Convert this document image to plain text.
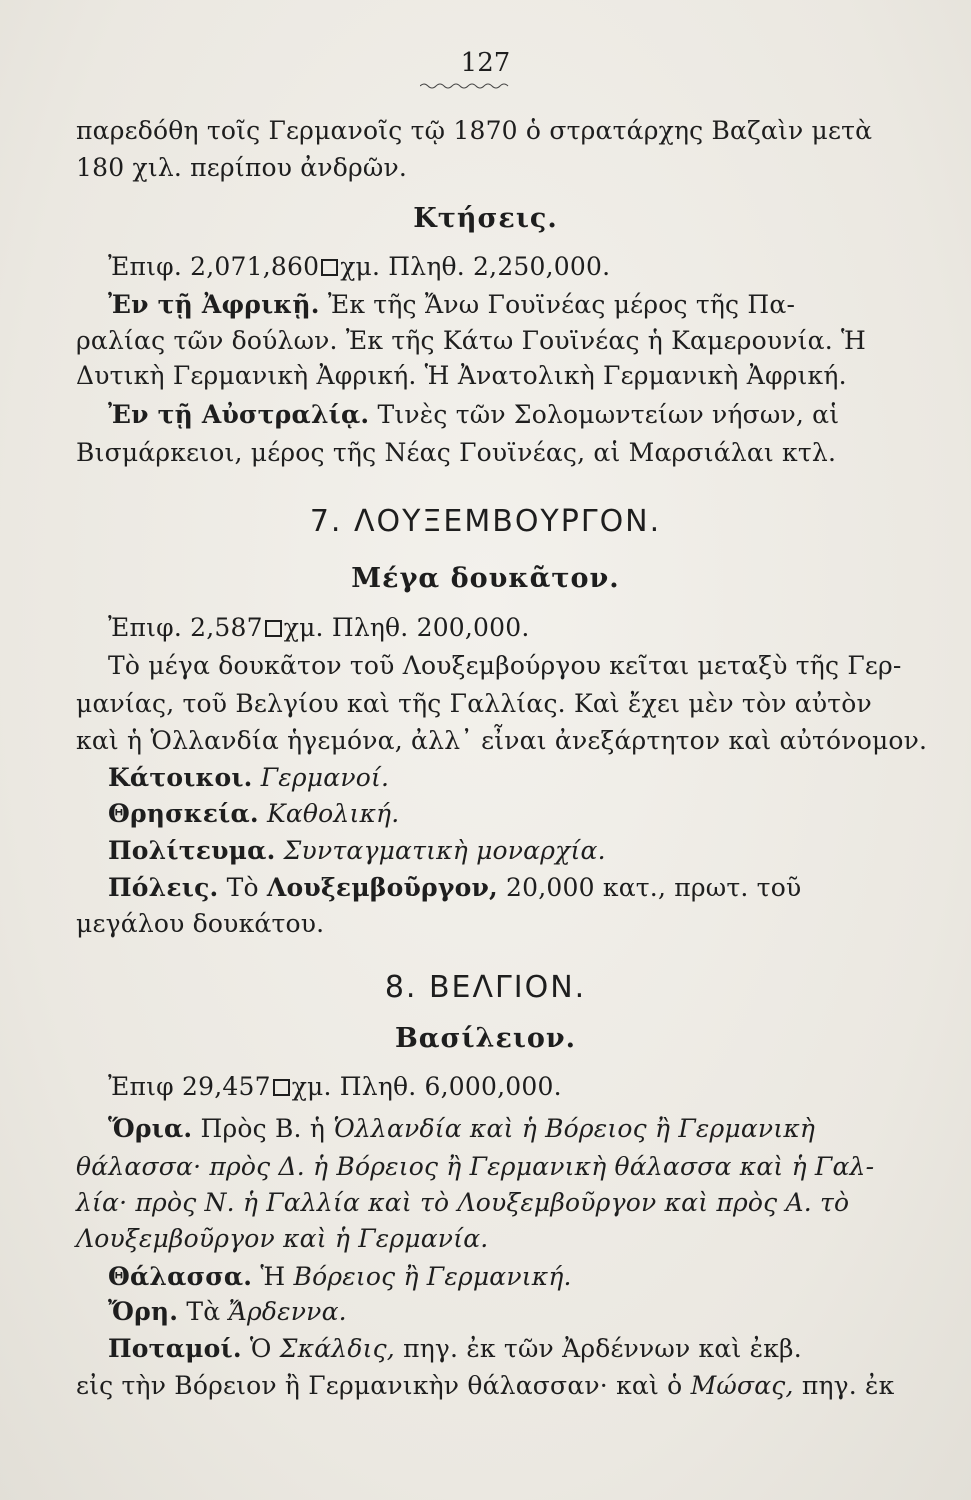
127
παρεδόθη τοῖς Γερμανοῖς τῷ 1870 ὁ στρατάρχης Βαζαὶν μετὰ
180 χιλ. περίπου ἀνδρῶν.
Κτήσεις.
Ἐπιφ. 2,071,860 χμ. Πληθ. 2,250,000.
Ἐν τῇ Ἀφρικῇ. Ἐκ τῆς Ἄνω Γουϊνέας μέρος τῆς Πα-
ραλίας τῶν δούλων. Ἐκ τῆς Κάτω Γουϊνέας ἡ Καμερουνία. Ἡ
Δυτικὴ Γερμανικὴ Ἀφρική. Ἡ Ἀνατολικὴ Γερμανικὴ Ἀφρική.
Ἐν τῇ Αὐστραλίᾳ. Τινὲς τῶν Σολομωντείων νήσων, αἱ
Βισμάρκειοι, μέρος τῆς Νέας Γουϊνέας, αἱ Μαρσιάλαι κτλ.
7. ΛΟΥΞΕΜΒΟΥΡΓΟΝ.
Μέγα δουκᾶτον.
Ἐπιφ. 2,587 χμ. Πληθ. 200,000.
Τὸ μέγα δουκᾶτον τοῦ Λουξεμβούργου κεῖται μεταξὺ τῆς Γερ-
μανίας, τοῦ Βελγίου καὶ τῆς Γαλλίας. Καὶ ἔχει μὲν τὸν αὐτὸν
καὶ ἡ Ὁλλανδία ἡγεμόνα, ἀλλ᾽ εἶναι ἀνεξάρτητον καὶ αὐτόνομον.
Κάτοικοι. Γερμανοί.
Θρησκεία. Καθολική.
Πολίτευμα. Συνταγματικὴ μοναρχία.
Πόλεις. Τὸ Λουξεμβοῦργον, 20,000 κατ., πρωτ. τοῦ
μεγάλου δουκάτου.
8. ΒΕΛΓΙΟΝ.
Βασίλειον.
Ἐπιφ 29,457 χμ. Πληθ. 6,000,000.
Ὅρια. Πρὸς Β. ἡ Ὁλλανδία καὶ ἡ Βόρειος ἢ Γερμανικὴ
θάλασσα· πρὸς Δ. ἡ Βόρειος ἢ Γερμανικὴ θάλασσα καὶ ἡ Γαλ-
λία· πρὸς Ν. ἡ Γαλλία καὶ τὸ Λουξεμβοῦργον καὶ πρὸς Α. τὸ
Λουξεμβοῦργον καὶ ἡ Γερμανία.
Θάλασσα. Ἡ Βόρειος ἢ Γερμανική.
Ὄρη. Τὰ Ἄρδεννα.
Ποταμοί. Ὁ Σκάλδις, πηγ. ἐκ τῶν Ἀρδέννων καὶ ἐκβ.
εἰς τὴν Βόρειον ἢ Γερμανικὴν θάλασσαν· καὶ ὁ Μώσας, πηγ. ἐκ
